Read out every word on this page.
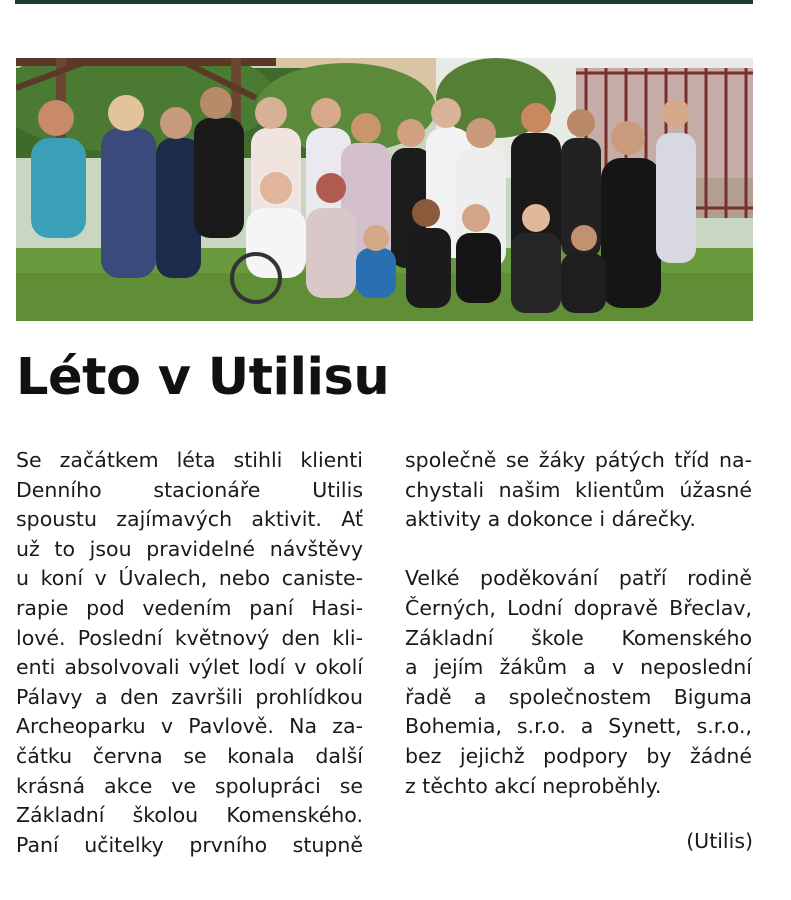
Léto v Utilisu
Se začátkem léta stihli klienti
Denního stacionáře Utilis
spoustu zajímavých aktivit. Ať
už to jsou pravidelné návštěvy
u koní v Úvalech, nebo caniste-
rapie pod vedením paní Hasi-
lové. Poslední květnový den kli-
enti absolvovali výlet lodí v okolí
Pálavy a den završili prohlídkou
Archeoparku v Pavlově. Na za-
čátku června se konala další
krásná akce ve spolupráci se
Základní školou Komenského.
Paní učitelky prvního stupně
společně se žáky pátých tříd na-
chystali našim klientům úžasné
aktivity a dokonce i dárečky.
Velké poděkování patří rodině
Černých, Lodní dopravě Břeclav,
Základní škole Komenského
a jejím žákům a v neposlední
řadě a společnostem Biguma
Bohemia, s.r.o. a Synett, s.r.o.,
bez jejichž podpory by žádné
z těchto akcí neproběhly.
(Utilis)
